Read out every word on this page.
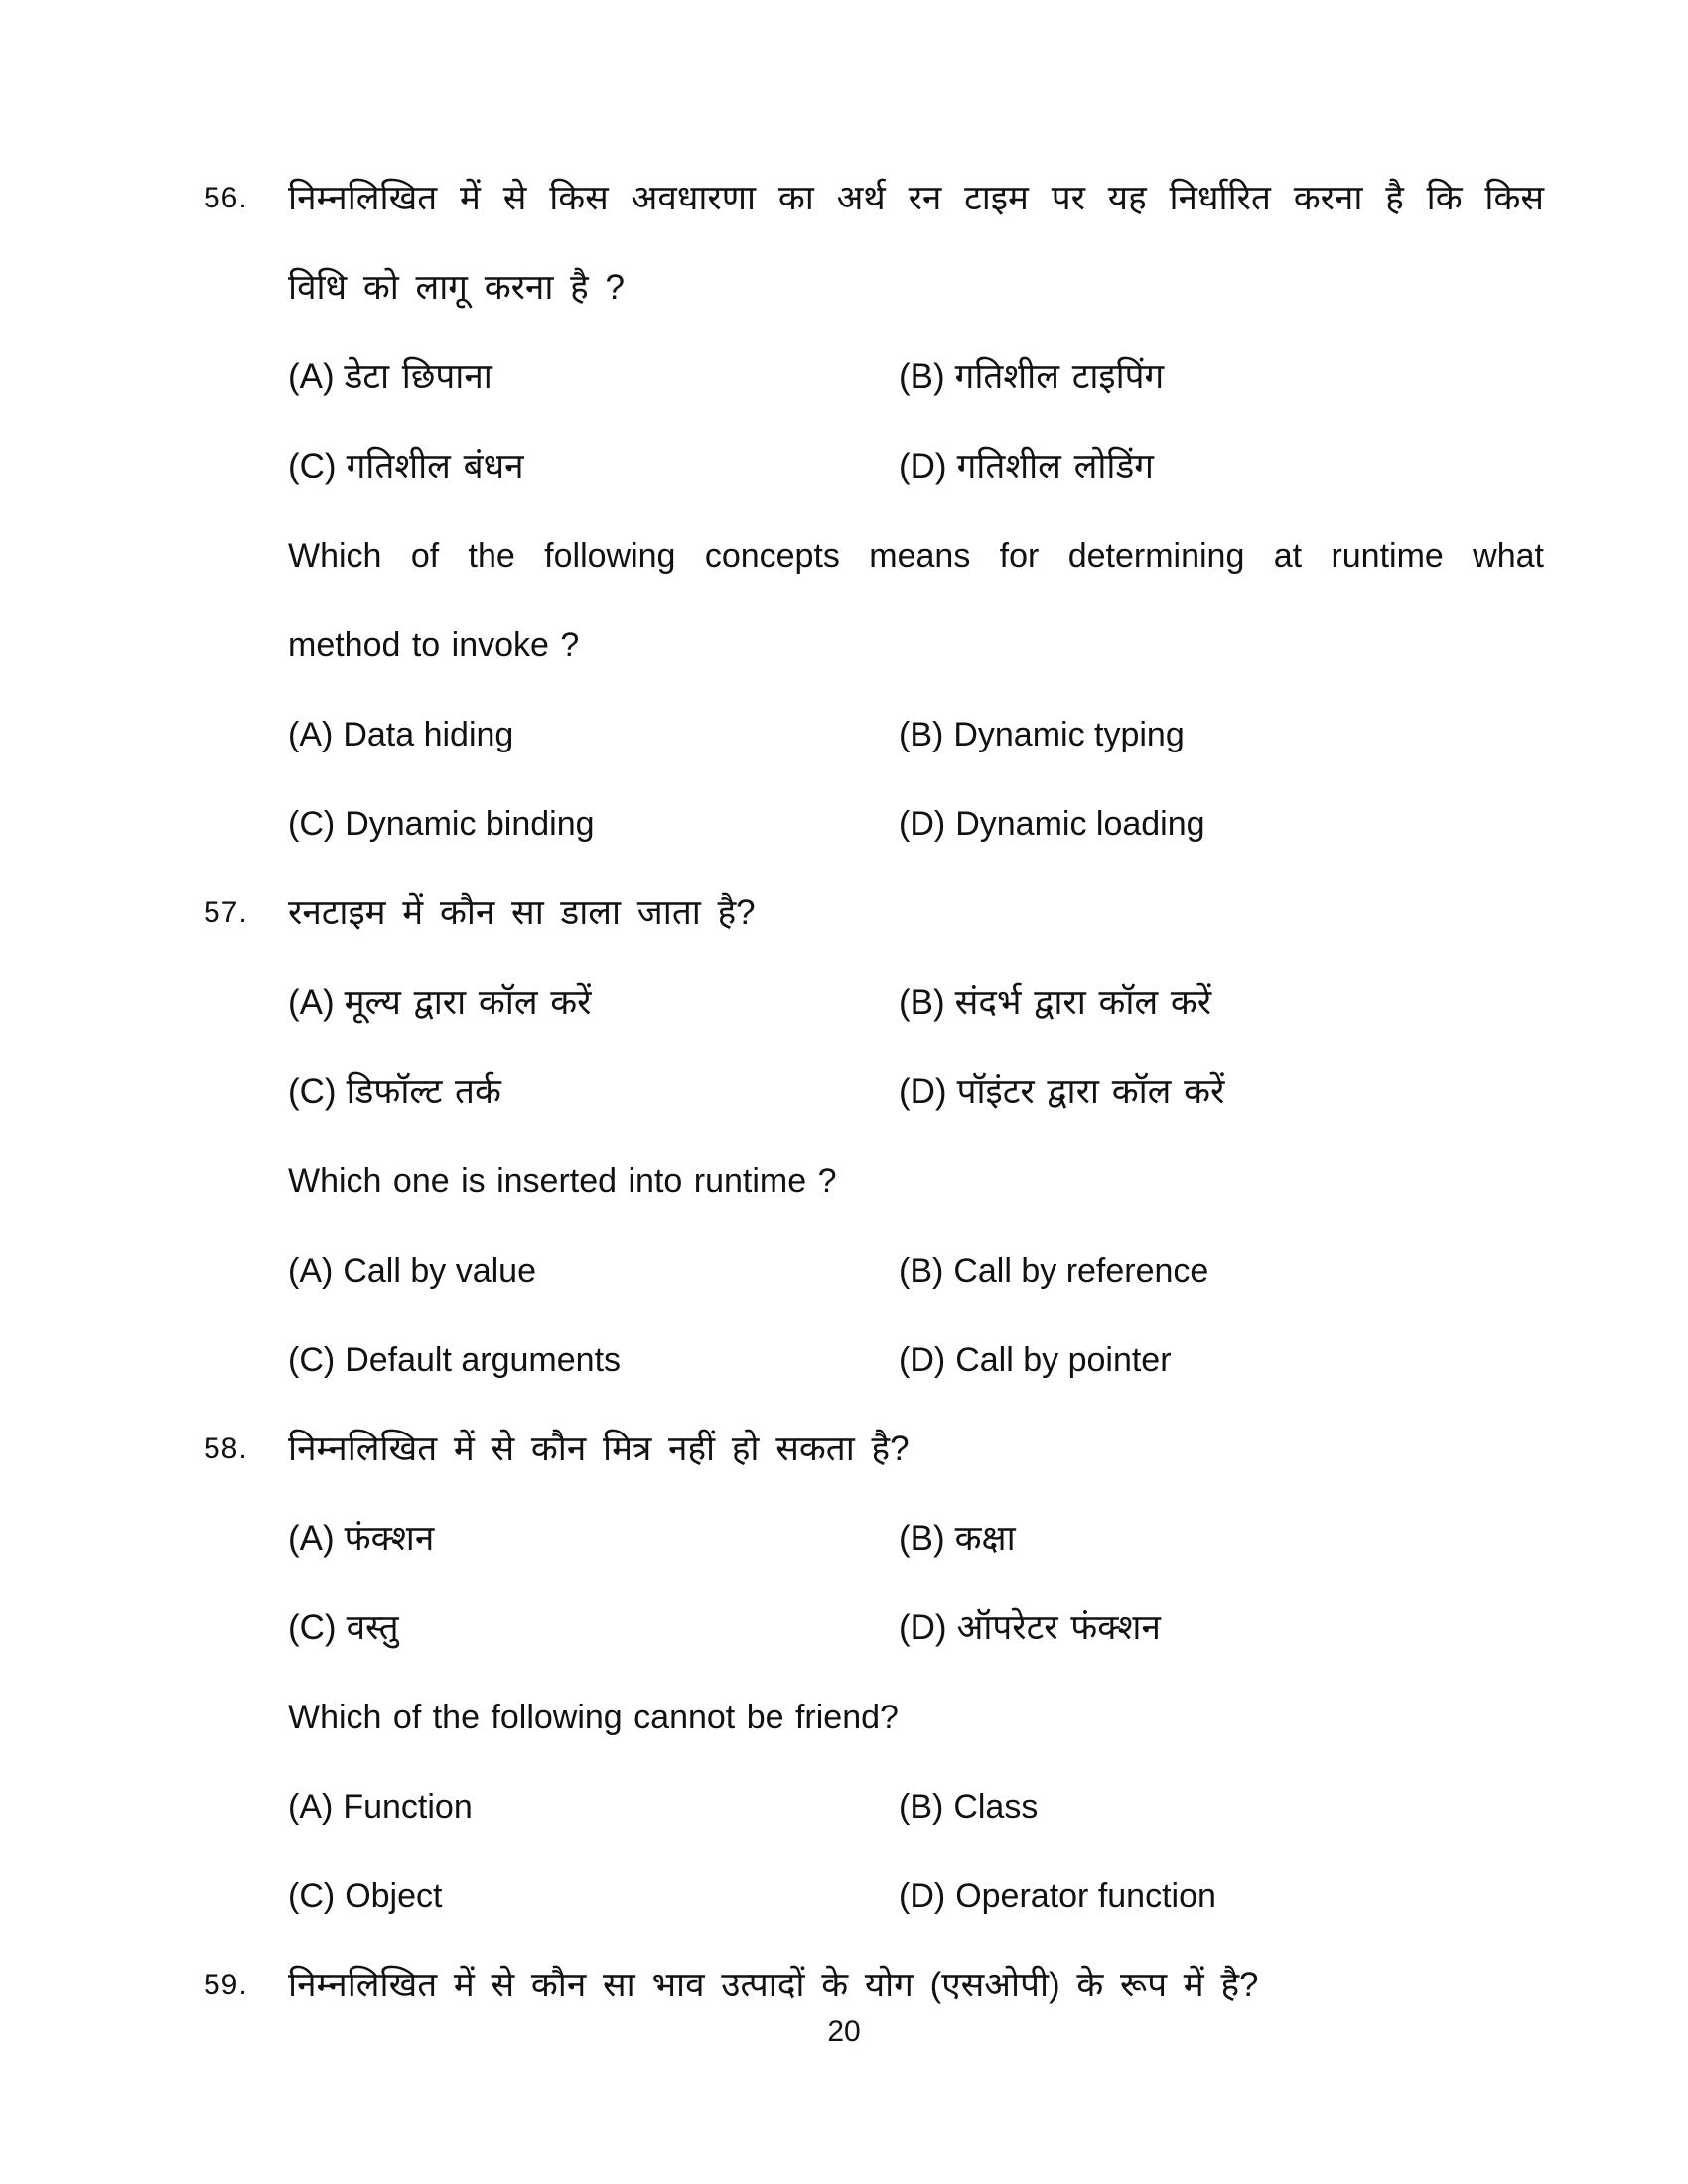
56.	निम्नलिखित में से किस अवधारणा का अर्थ रन टाइम पर यह निर्धारित करना है कि किस
विधि को लागू करना है ?
(A) डेटा छिपाना	(B) गतिशील टाइपिंग
(C) गतिशील बंधन	(D) गतिशील लोडिंग
Which of the following concepts means for determining at runtime what
method to invoke ?
(A) Data hiding	(B) Dynamic typing
(C) Dynamic binding	(D) Dynamic loading
57.	रनटाइम में कौन सा डाला जाता है?
(A) मूल्य द्वारा कॉल करें	(B) संदर्भ द्वारा कॉल करें
(C) डिफॉल्ट तर्क	(D) पॉइंटर द्वारा कॉल करें
Which one is inserted into runtime ?
(A) Call by value	(B) Call by reference
(C) Default arguments	(D) Call by pointer
58.	निम्नलिखित में से कौन मित्र नहीं हो सकता है?
(A) फंक्शन	(B) कक्षा
(C) वस्तु	(D) ऑपरेटर फंक्शन
Which of the following cannot be friend?
(A) Function	(B) Class
(C) Object	(D) Operator function
59.	निम्नलिखित में से कौन सा भाव उत्पादों के योग (एसओपी) के रूप में है?
20
